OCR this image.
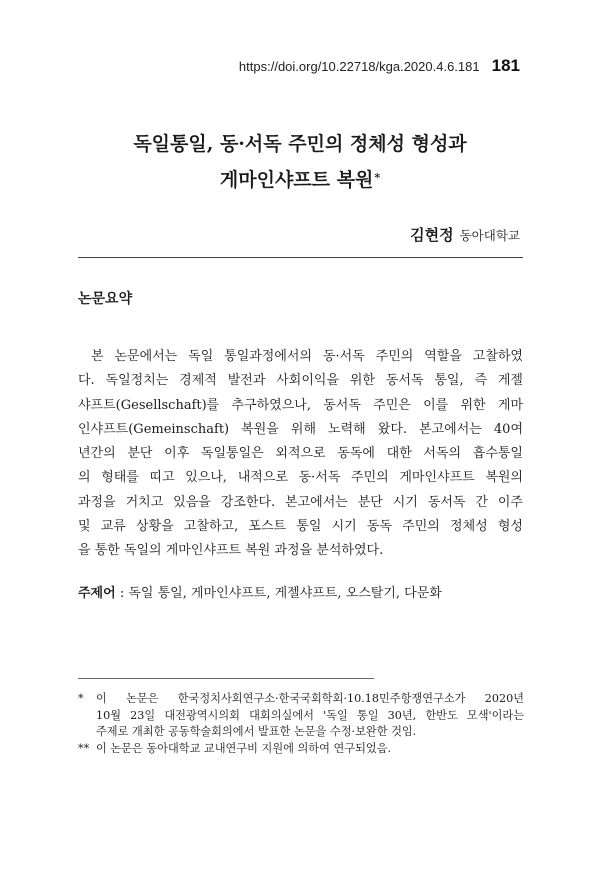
https://doi.org/10.22718/kga.2020.4.6.181 181
독일통일, 동·서독 주민의 정체성 형성과
게마인샤프트 복원*
김현정 동아대학교
논문요약
본 논문에서는 독일 통일과정에서의 동·서독 주민의 역할을 고찰하였
다. 독일정치는 경제적 발전과 사회이익을 위한 동서독 통일, 즉 게젤
샤프트(Gesellschaft)를 추구하였으나, 동서독 주민은 이를 위한 게마
인샤프트(Gemeinschaft) 복원을 위해 노력해 왔다. 본고에서는 40여
년간의 분단 이후 독일통일은 외적으로 동독에 대한 서독의 흡수통일
의 형태를 띠고 있으나, 내적으로 동·서독 주민의 게마인샤프트 복원의
과정을 거치고 있음을 강조한다. 본고에서는 분단 시기 동서독 간 이주
및 교류 상황을 고찰하고, 포스트 통일 시기 동독 주민의 정체성 형성
을 통한 독일의 게마인샤프트 복원 과정을 분석하였다.
주제어 : 독일 통일, 게마인샤프트, 게젤샤프트, 오스탈기, 다문화
*	이 논문은 한국정치사회연구소·한국국회학회·10.18민주항쟁연구소가 2020년
10월 23일 대전광역시의회 대회의실에서 '독일 통일 30년, 한반도 모색'이라는
주제로 개최한 공동학술회의에서 발표한 논문을 수정·보완한 것임.
** 이 논문은 동아대학교 교내연구비 지원에 의하여 연구되었음.
